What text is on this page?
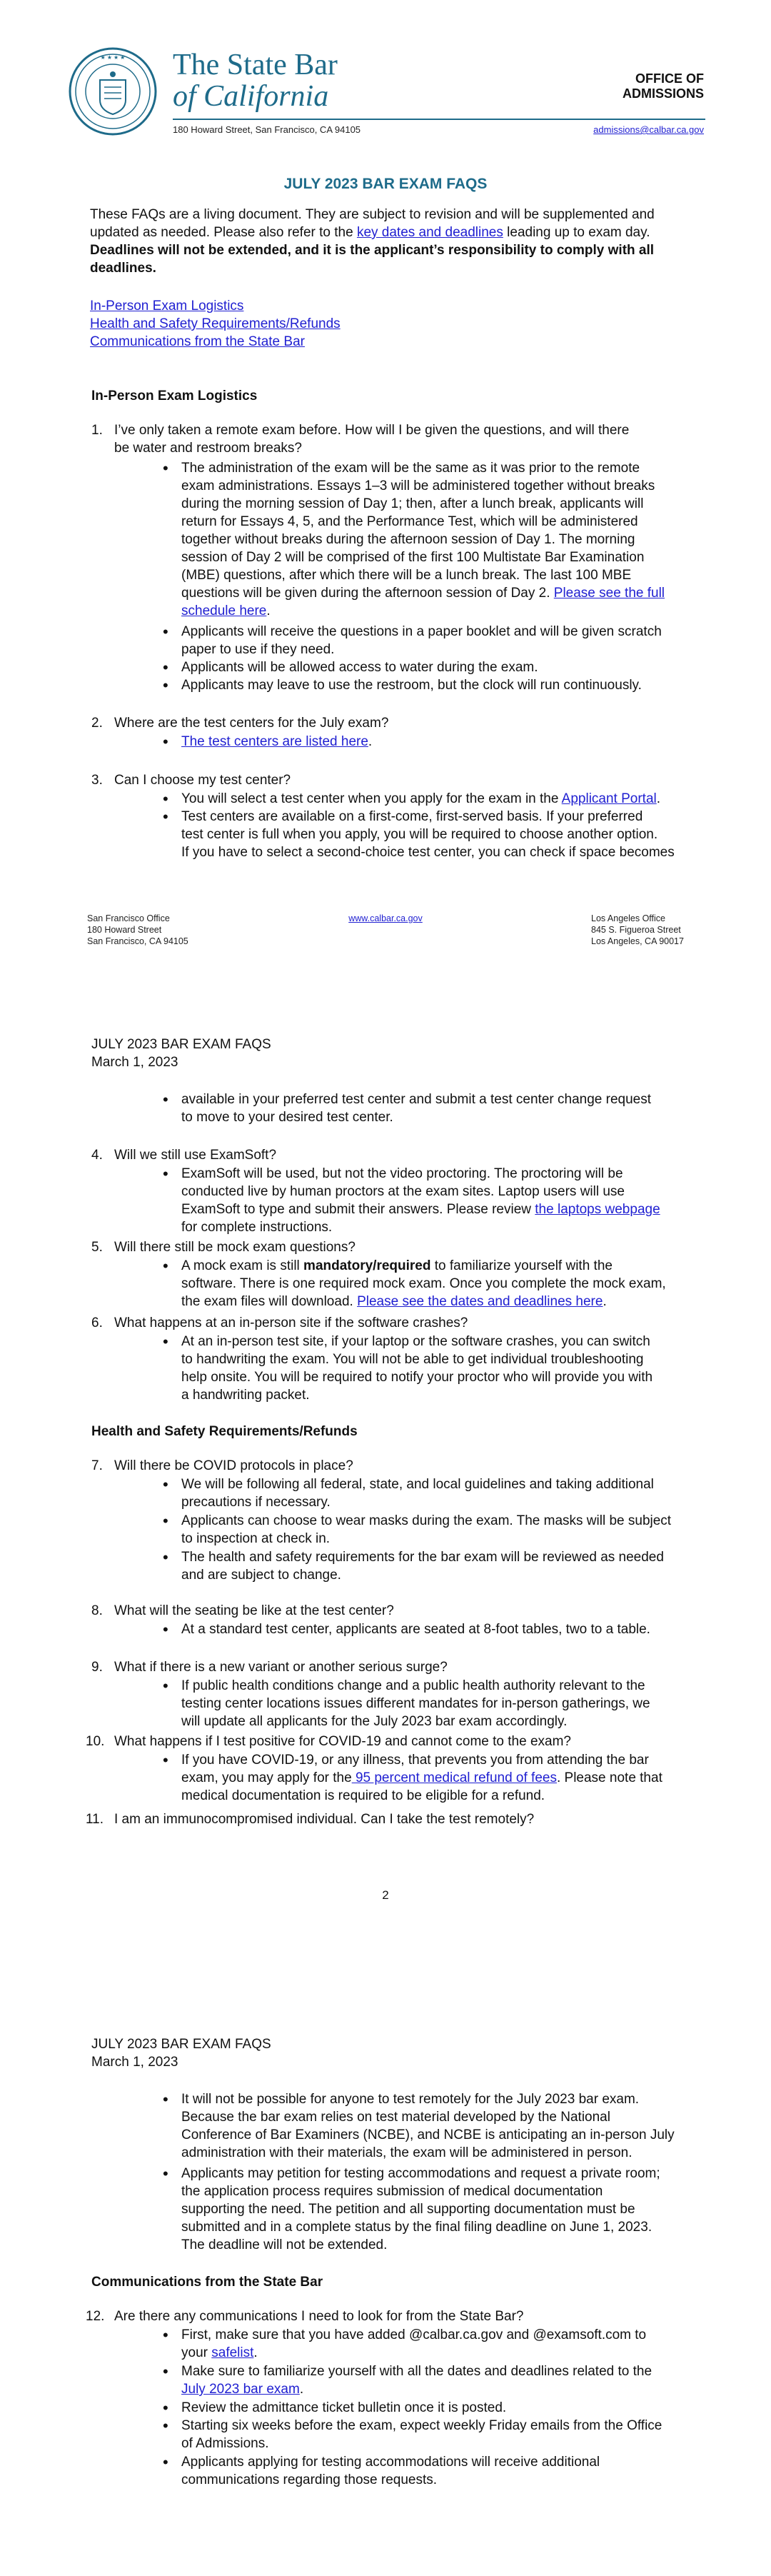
★ ★ ★ ★ The State Bar
of California
OFFICE OF ADMISSIONS
180 Howard Street, San Francisco, CA 94105	admissions@calbar.ca.gov
JULY 2023 BAR EXAM FAQS
These FAQs are a living document. They are subject to revision and will be supplemented and
updated as needed. Please also refer to the key dates and deadlines leading up to exam day.
Deadlines will not be extended, and it is the applicant’s responsibility to comply with all
deadlines.
In-Person Exam Logistics
Health and Safety Requirements/Refunds
Communications from the State Bar
In-Person Exam Logistics
1. I’ve only taken a remote exam before. How will I be given the questions, and will there
be water and restroom breaks?
• The administration of the exam will be the same as it was prior to the remote
exam administrations. Essays 1–3 will be administered together without breaks
during the morning session of Day 1; then, after a lunch break, applicants will
return for Essays 4, 5, and the Performance Test, which will be administered
together without breaks during the afternoon session of Day 1. The morning
session of Day 2 will be comprised of the first 100 Multistate Bar Examination
(MBE) questions, after which there will be a lunch break. The last 100 MBE
questions will be given during the afternoon session of Day 2. Please see the full
schedule here.
• Applicants will receive the questions in a paper booklet and will be given scratch
paper to use if they need.
• Applicants will be allowed access to water during the exam.
• Applicants may leave to use the restroom, but the clock will run continuously.
2. Where are the test centers for the July exam?
• The test centers are listed here.
3. Can I choose my test center?
• You will select a test center when you apply for the exam in the Applicant Portal.
• Test centers are available on a first-come, first-served basis. If your preferred
test center is full when you apply, you will be required to choose another option.
If you have to select a second-choice test center, you can check if space becomes
San Francisco Office
180 Howard Street
San Francisco, CA 94105
www.calbar.ca.gov	Los Angeles Office
845 S. Figueroa Street
Los Angeles, CA 90017
JULY 2023 BAR EXAM FAQS
March 1, 2023
• available in your preferred test center and submit a test center change request
to move to your desired test center.
4. Will we still use ExamSoft?
• ExamSoft will be used, but not the video proctoring. The proctoring will be
conducted live by human proctors at the exam sites. Laptop users will use
ExamSoft to type and submit their answers. Please review the laptops webpage
for complete instructions.
5. Will there still be mock exam questions?
• A mock exam is still mandatory/required to familiarize yourself with the
software. There is one required mock exam. Once you complete the mock exam,
the exam files will download. Please see the dates and deadlines here.
6. What happens at an in-person site if the software crashes?
• At an in-person test site, if your laptop or the software crashes, you can switch
to handwriting the exam. You will not be able to get individual troubleshooting
help onsite. You will be required to notify your proctor who will provide you with
a handwriting packet.
Health and Safety Requirements/Refunds
7. Will there be COVID protocols in place?
• We will be following all federal, state, and local guidelines and taking additional
precautions if necessary.
• Applicants can choose to wear masks during the exam. The masks will be subject
to inspection at check in.
• The health and safety requirements for the bar exam will be reviewed as needed
and are subject to change.
8. What will the seating be like at the test center?
• At a standard test center, applicants are seated at 8-foot tables, two to a table.
9. What if there is a new variant or another serious surge?
• If public health conditions change and a public health authority relevant to the
testing center locations issues different mandates for in-person gatherings, we
will update all applicants for the July 2023 bar exam accordingly.
10. What happens if I test positive for COVID-19 and cannot come to the exam?
• If you have COVID-19, or any illness, that prevents you from attending the bar
exam, you may apply for the 95 percent medical refund of fees. Please note that
medical documentation is required to be eligible for a refund.
11. I am an immunocompromised individual. Can I take the test remotely?
2
JULY 2023 BAR EXAM FAQS
March 1, 2023
• It will not be possible for anyone to test remotely for the July 2023 bar exam.
Because the bar exam relies on test material developed by the National
Conference of Bar Examiners (NCBE), and NCBE is anticipating an in-person July
administration with their materials, the exam will be administered in person.
• Applicants may petition for testing accommodations and request a private room;
the application process requires submission of medical documentation
supporting the need. The petition and all supporting documentation must be
submitted and in a complete status by the final filing deadline on June 1, 2023.
The deadline will not be extended.
Communications from the State Bar
12. Are there any communications I need to look for from the State Bar?
• First, make sure that you have added @calbar.ca.gov and @examsoft.com to
your safelist.
• Make sure to familiarize yourself with all the dates and deadlines related to the
July 2023 bar exam.
• Review the admittance ticket bulletin once it is posted.
• Starting six weeks before the exam, expect weekly Friday emails from the Office
of Admissions.
• Applicants applying for testing accommodations will receive additional
communications regarding those requests.
